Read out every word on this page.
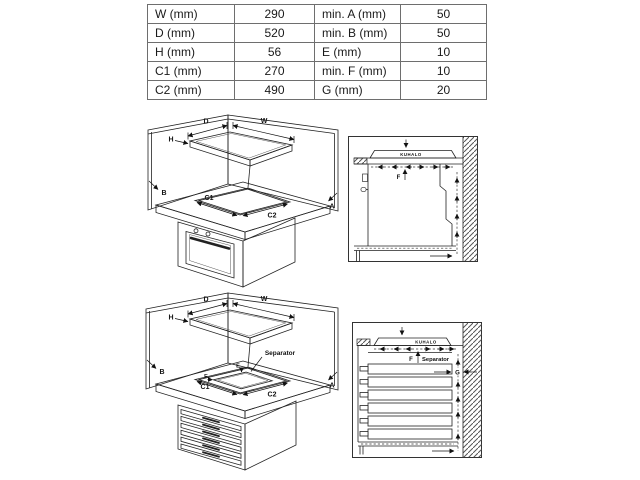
W (mm)	290	min. A (mm)	50
D (mm)	520	min. B (mm)	50
H (mm)	56	E (mm)	10
C1 (mm)	270	min. F (mm)	10
C2 (mm)	490	G (mm)	20
D	W
H
B
A
C1
C2
KUHALO
F
D	W
H
Separator
E
E
B
A
C1
C2
KUHALO
F Separator
G
